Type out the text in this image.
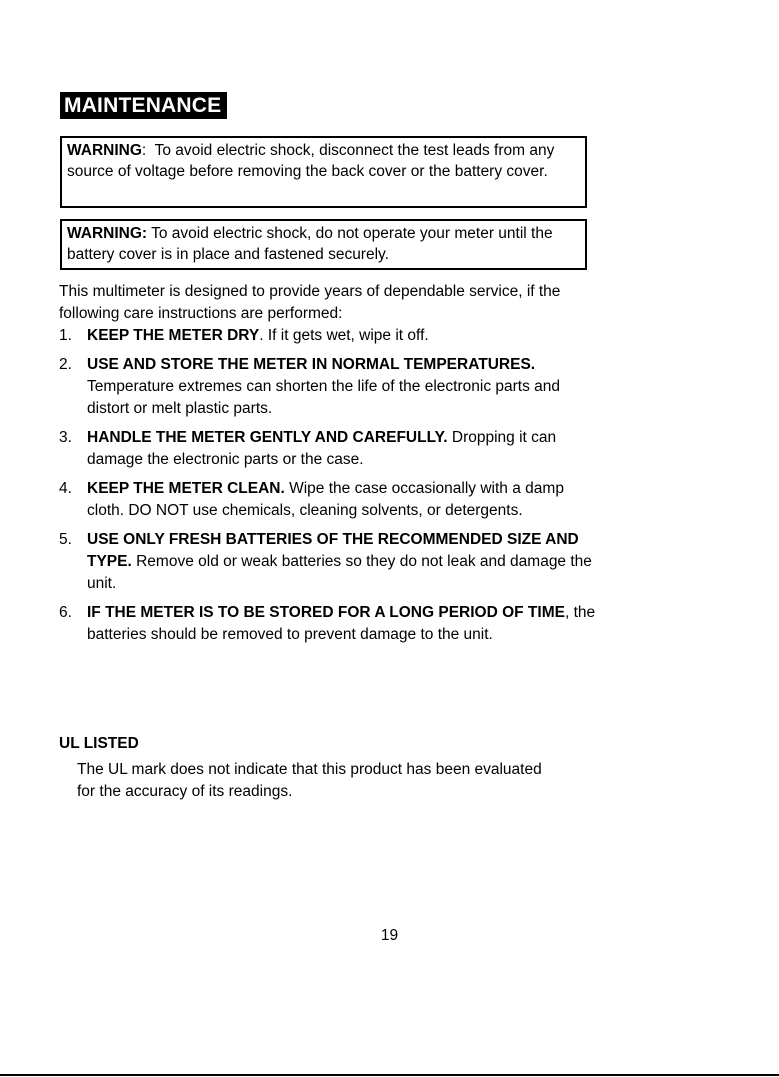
MAINTENANCE
WARNING:  To avoid electric shock, disconnect the test leads from any source of voltage before removing the back cover or the battery cover.
WARNING: To avoid electric shock, do not operate your meter until the battery cover is in place and fastened securely.
This multimeter is designed to provide years of dependable service, if the following care instructions are performed:
1. KEEP THE METER DRY. If it gets wet, wipe it off.
2. USE AND STORE THE METER IN NORMAL TEMPERATURES. Temperature extremes can shorten the life of the electronic parts and distort or melt plastic parts.
3. HANDLE THE METER GENTLY AND CAREFULLY. Dropping it can damage the electronic parts or the case.
4. KEEP THE METER CLEAN. Wipe the case occasionally with a damp cloth. DO NOT use chemicals, cleaning solvents, or detergents.
5. USE ONLY FRESH BATTERIES OF THE RECOMMENDED SIZE AND TYPE. Remove old or weak batteries so they do not leak and damage the unit.
6. IF THE METER IS TO BE STORED FOR A LONG PERIOD OF TIME, the batteries should be removed to prevent damage to the unit.
UL LISTED
The UL mark does not indicate that this product has been evaluated for the accuracy of its readings.
19
